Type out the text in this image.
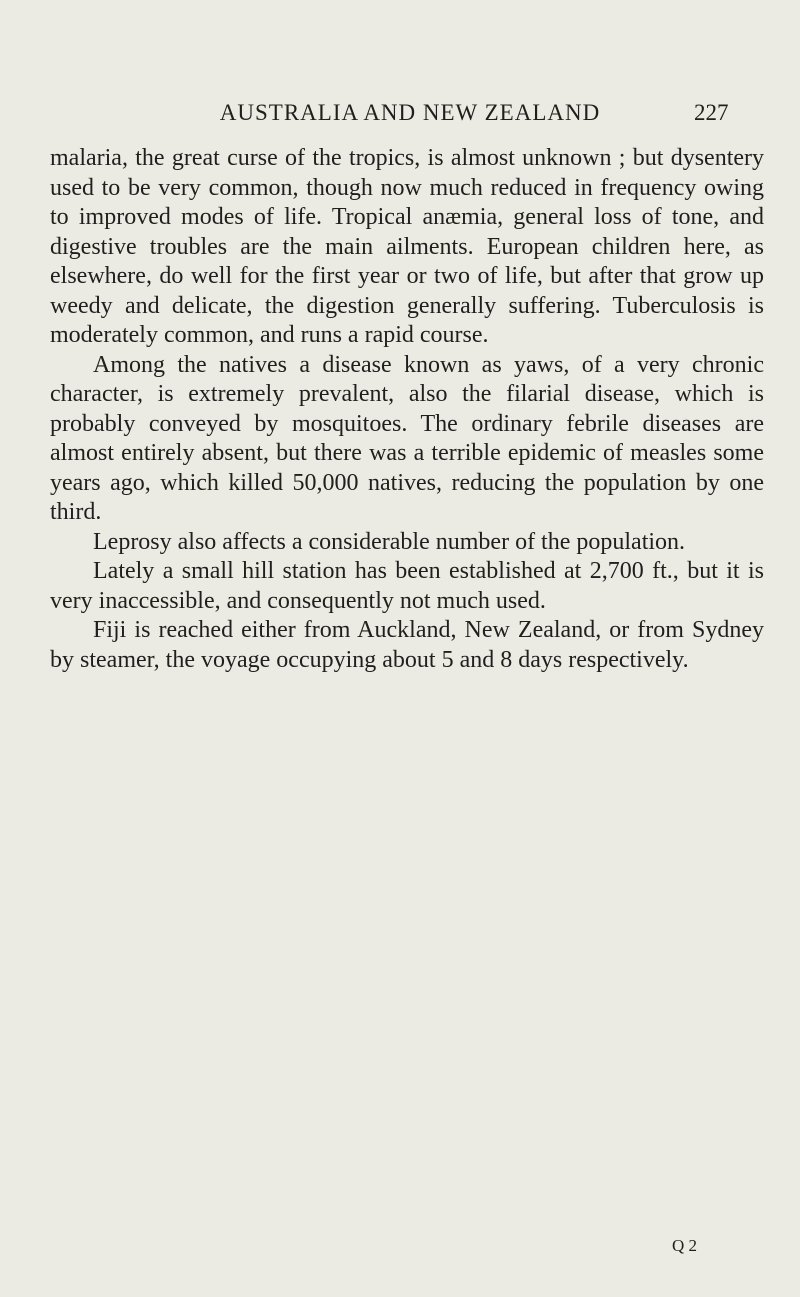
AUSTRALIA AND NEW ZEALAND	227

malaria, the great curse of the tropics, is almost unknown ; but dysentery used to be very common, though now much reduced in frequency owing to improved modes of life. Tropical anæmia, general loss of tone, and digestive troubles are the main ailments. European children here, as elsewhere, do well for the first year or two of life, but after that grow up weedy and delicate, the digestion generally suffering. Tuberculosis is moderately common, and runs a rapid course.

Among the natives a disease known as yaws, of a very chronic character, is extremely prevalent, also the filarial disease, which is probably conveyed by mosquitoes. The ordinary febrile diseases are almost entirely absent, but there was a terrible epidemic of measles some years ago, which killed 50,000 natives, reducing the population by one third.

Leprosy also affects a considerable number of the population.

Lately a small hill station has been established at 2,700 ft., but it is very inaccessible, and consequently not much used.

Fiji is reached either from Auckland, New Zealand, or from Sydney by steamer, the voyage occupying about 5 and 8 days respectively.

Q 2
